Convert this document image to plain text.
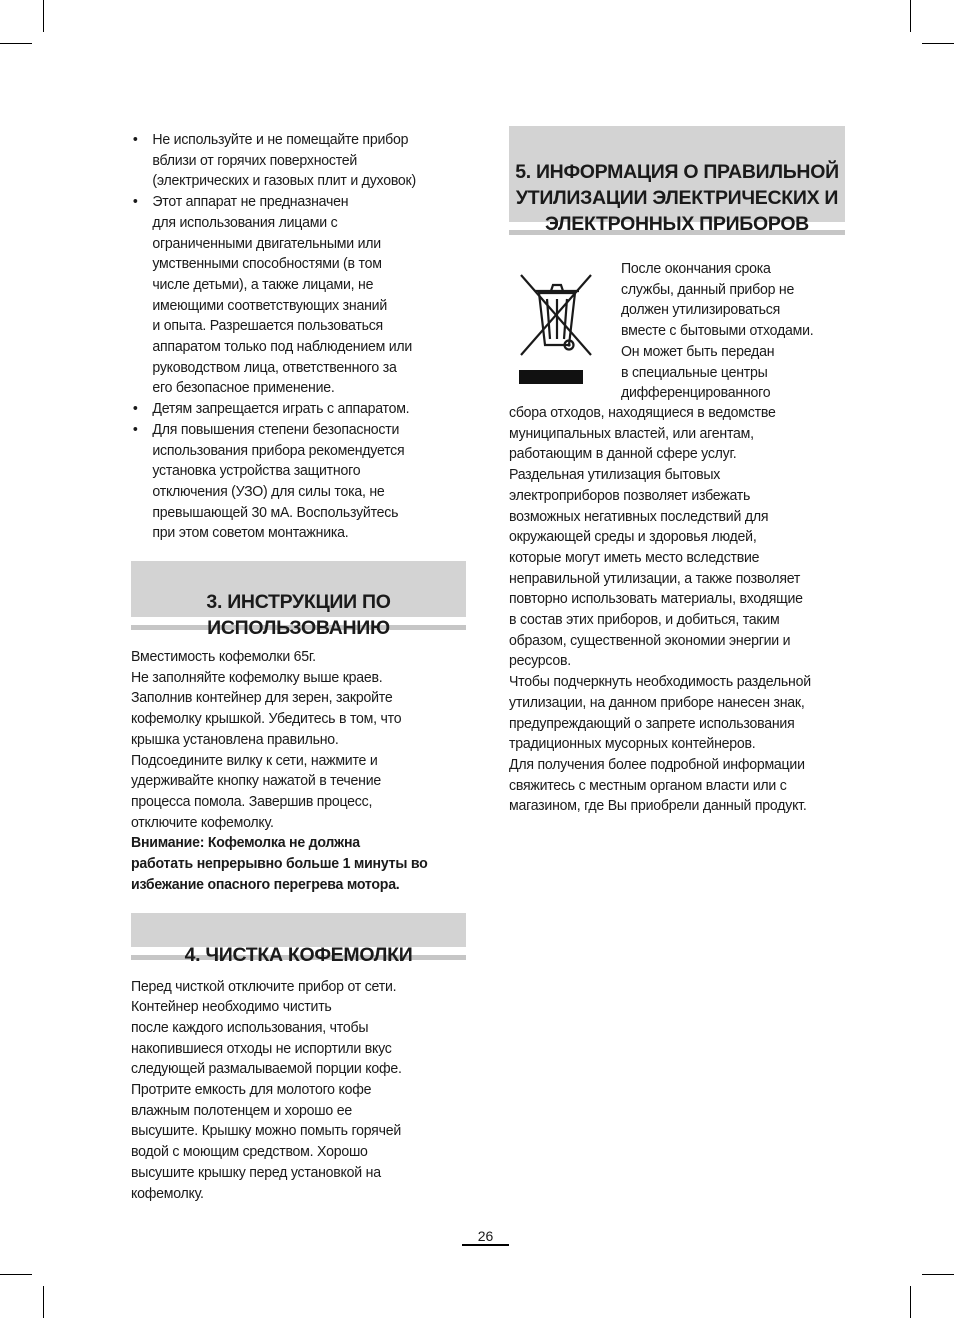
• Не используйте и не помещайте прибор
вблизи от горячих поверхностей
(электрических и газовых плит и духовок)
• Этот аппарат не предназначен
для использования лицами с
ограниченными двигательными или
умственными способностями (в том
числе детьми), а также лицами, не
имеющими соответствующих знаний
и опыта. Разрешается пользоваться
аппаратом только под наблюдением или
руководством лица, ответственного за
его безопасное применение.
• Детям запрещается играть с аппаратом.
• Для повышения степени безопасности
использования прибора рекомендуется
установка устройства защитного
отключения (УЗО) для силы тока, не
превышающей 30 мА. Воспользуйтесь
при этом советом монтажника.

3. ИНСТРУКЦИИ ПО
ИСПОЛЬЗОВАНИЮ

Вместимость кофемолки 65г.
Не заполняйте кофемолку выше краев.
Заполнив контейнер для зерен, закройте
кофемолку крышкой. Убедитесь в том, что
крышка установлена правильно.
Подсоедините вилку к сети, нажмите и
удерживайте кнопку нажатой в течение
процесса помола. Завершив процесс,
отключите кофемолку.

Внимание: Кофемолка не должна
работать непрерывно больше 1 минуты во
избежание опасного перегрева мотора.

4. ЧИСТКА КОФЕМОЛКИ

Перед чисткой отключите прибор от сети.
Контейнер необходимо чистить
после каждого использования, чтобы
накопившиеся отходы не испортили вкус
следующей размалываемой порции кофе.
Протрите емкость для молотого кофе
влажным полотенцем и хорошо ее
высушите. Крышку можно помыть горячей
водой с моющим средством. Хорошо
высушите крышку перед установкой на
кофемолку.

5. ИНФОРМАЦИЯ О ПРАВИЛЬНОЙ
УТИЛИЗАЦИИ ЭЛЕКТРИЧЕСКИХ И
ЭЛЕКТРОННЫХ ПРИБОРОВ

После окончания срока
службы, данный прибор не
должен утилизироваться
вместе с бытовыми отходами.
Он может быть передан
в специальные центры
дифференцированного

сбора отходов, находящиеся в ведомстве
муниципальных властей, или агентам,
работающим в данной сфере услуг.
Раздельная утилизация бытовых
электроприборов позволяет избежать
возможных негативных последствий для
окружающей среды и здоровья людей,
которые могут иметь место вследствие
неправильной утилизации, а также позволяет
повторно использовать материалы, входящие
в состав этих приборов, и добиться, таким
образом, существенной экономии энергии и
ресурсов.
Чтобы подчеркнуть необходимость раздельной
утилизации, на данном приборе нанесен знак,
предупреждающий о запрете использования
традиционных мусорных контейнеров.
Для получения более подробной информации
свяжитесь с местным органом власти или с
магазином, где Вы приобрели данный продукт.

26
